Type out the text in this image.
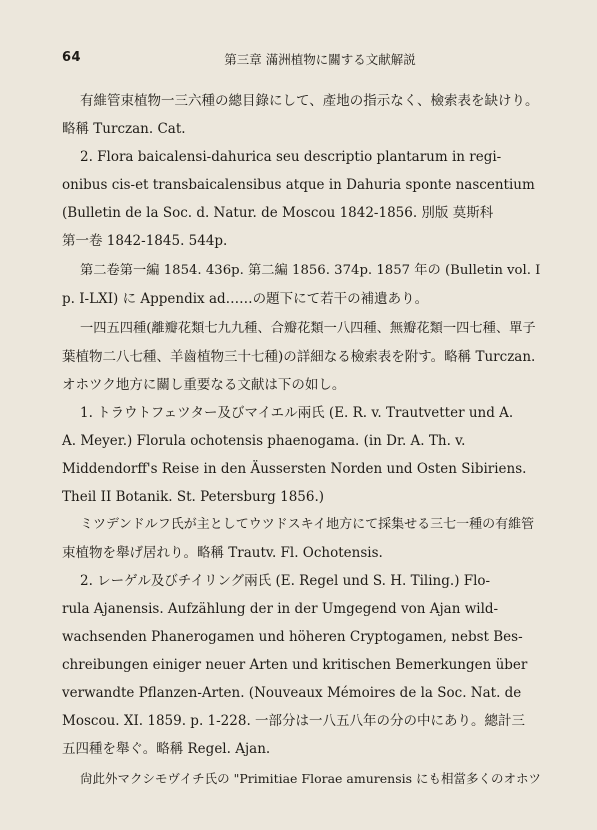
64	第三章 滿洲植物に關する文献解説
有維管束植物一三六種の總目錄にして、產地の指示なく、檢索表を缺けり。
略稱 Turczan. Cat.
2. Flora baicalensi-dahurica seu descriptio plantarum in regi-
onibus cis-et transbaicalensibus atque in Dahuria sponte nascentium
(Bulletin de la Soc. d. Natur. de Moscou 1842-1856. 別版 莫斯科
第一卷 1842-1845. 544p.
第二卷第一編 1854. 436p. 第二編 1856. 374p. 1857 年の (Bulletin vol. I
p. I-LXI) に Appendix ad……の題下にて若干の補遺あり。
一四五四種(離瓣花類七九九種、合瓣花類一八四種、無瓣花類一四七種、單子
葉植物二八七種、羊齒植物三十七種)の詳細なる檢索表を附す。略稱 Turczan.
オホツク地方に關し重要なる文献は下の如し。
1. トラウトフェツター及びマイエル兩氏 (E. R. v. Trautvetter und A.
A. Meyer.) Florula ochotensis phaenogama. (in Dr. A. Th. v.
Middendorff's Reise in den Äussersten Norden und Osten Sibiriens.
Theil II Botanik. St. Petersburg 1856.)
ミツデンドルフ氏が主としてウツドスキイ地方にて採集せる三七一種の有維管
束植物を舉げ居れり。略稱 Trautv. Fl. Ochotensis.
2. レーゲル及びチイリング兩氏 (E. Regel und S. H. Tiling.) Flo-
rula Ajanensis. Aufzählung der in der Umgegend von Ajan wild-
wachsenden Phanerogamen und höheren Cryptogamen, nebst Bes-
chreibungen einiger neuer Arten und kritischen Bemerkungen über
verwandte Pflanzen-Arten. (Nouveaux Mémoires de la Soc. Nat. de
Moscou. XI. 1859. p. 1-228. 一部分は一八五八年の分の中にあり。總計三
五四種を舉ぐ。略稱 Regel. Ajan.
尙此外マクシモヴイチ氏の "Primitiae Florae amurensis にも相當多くのオホツ
